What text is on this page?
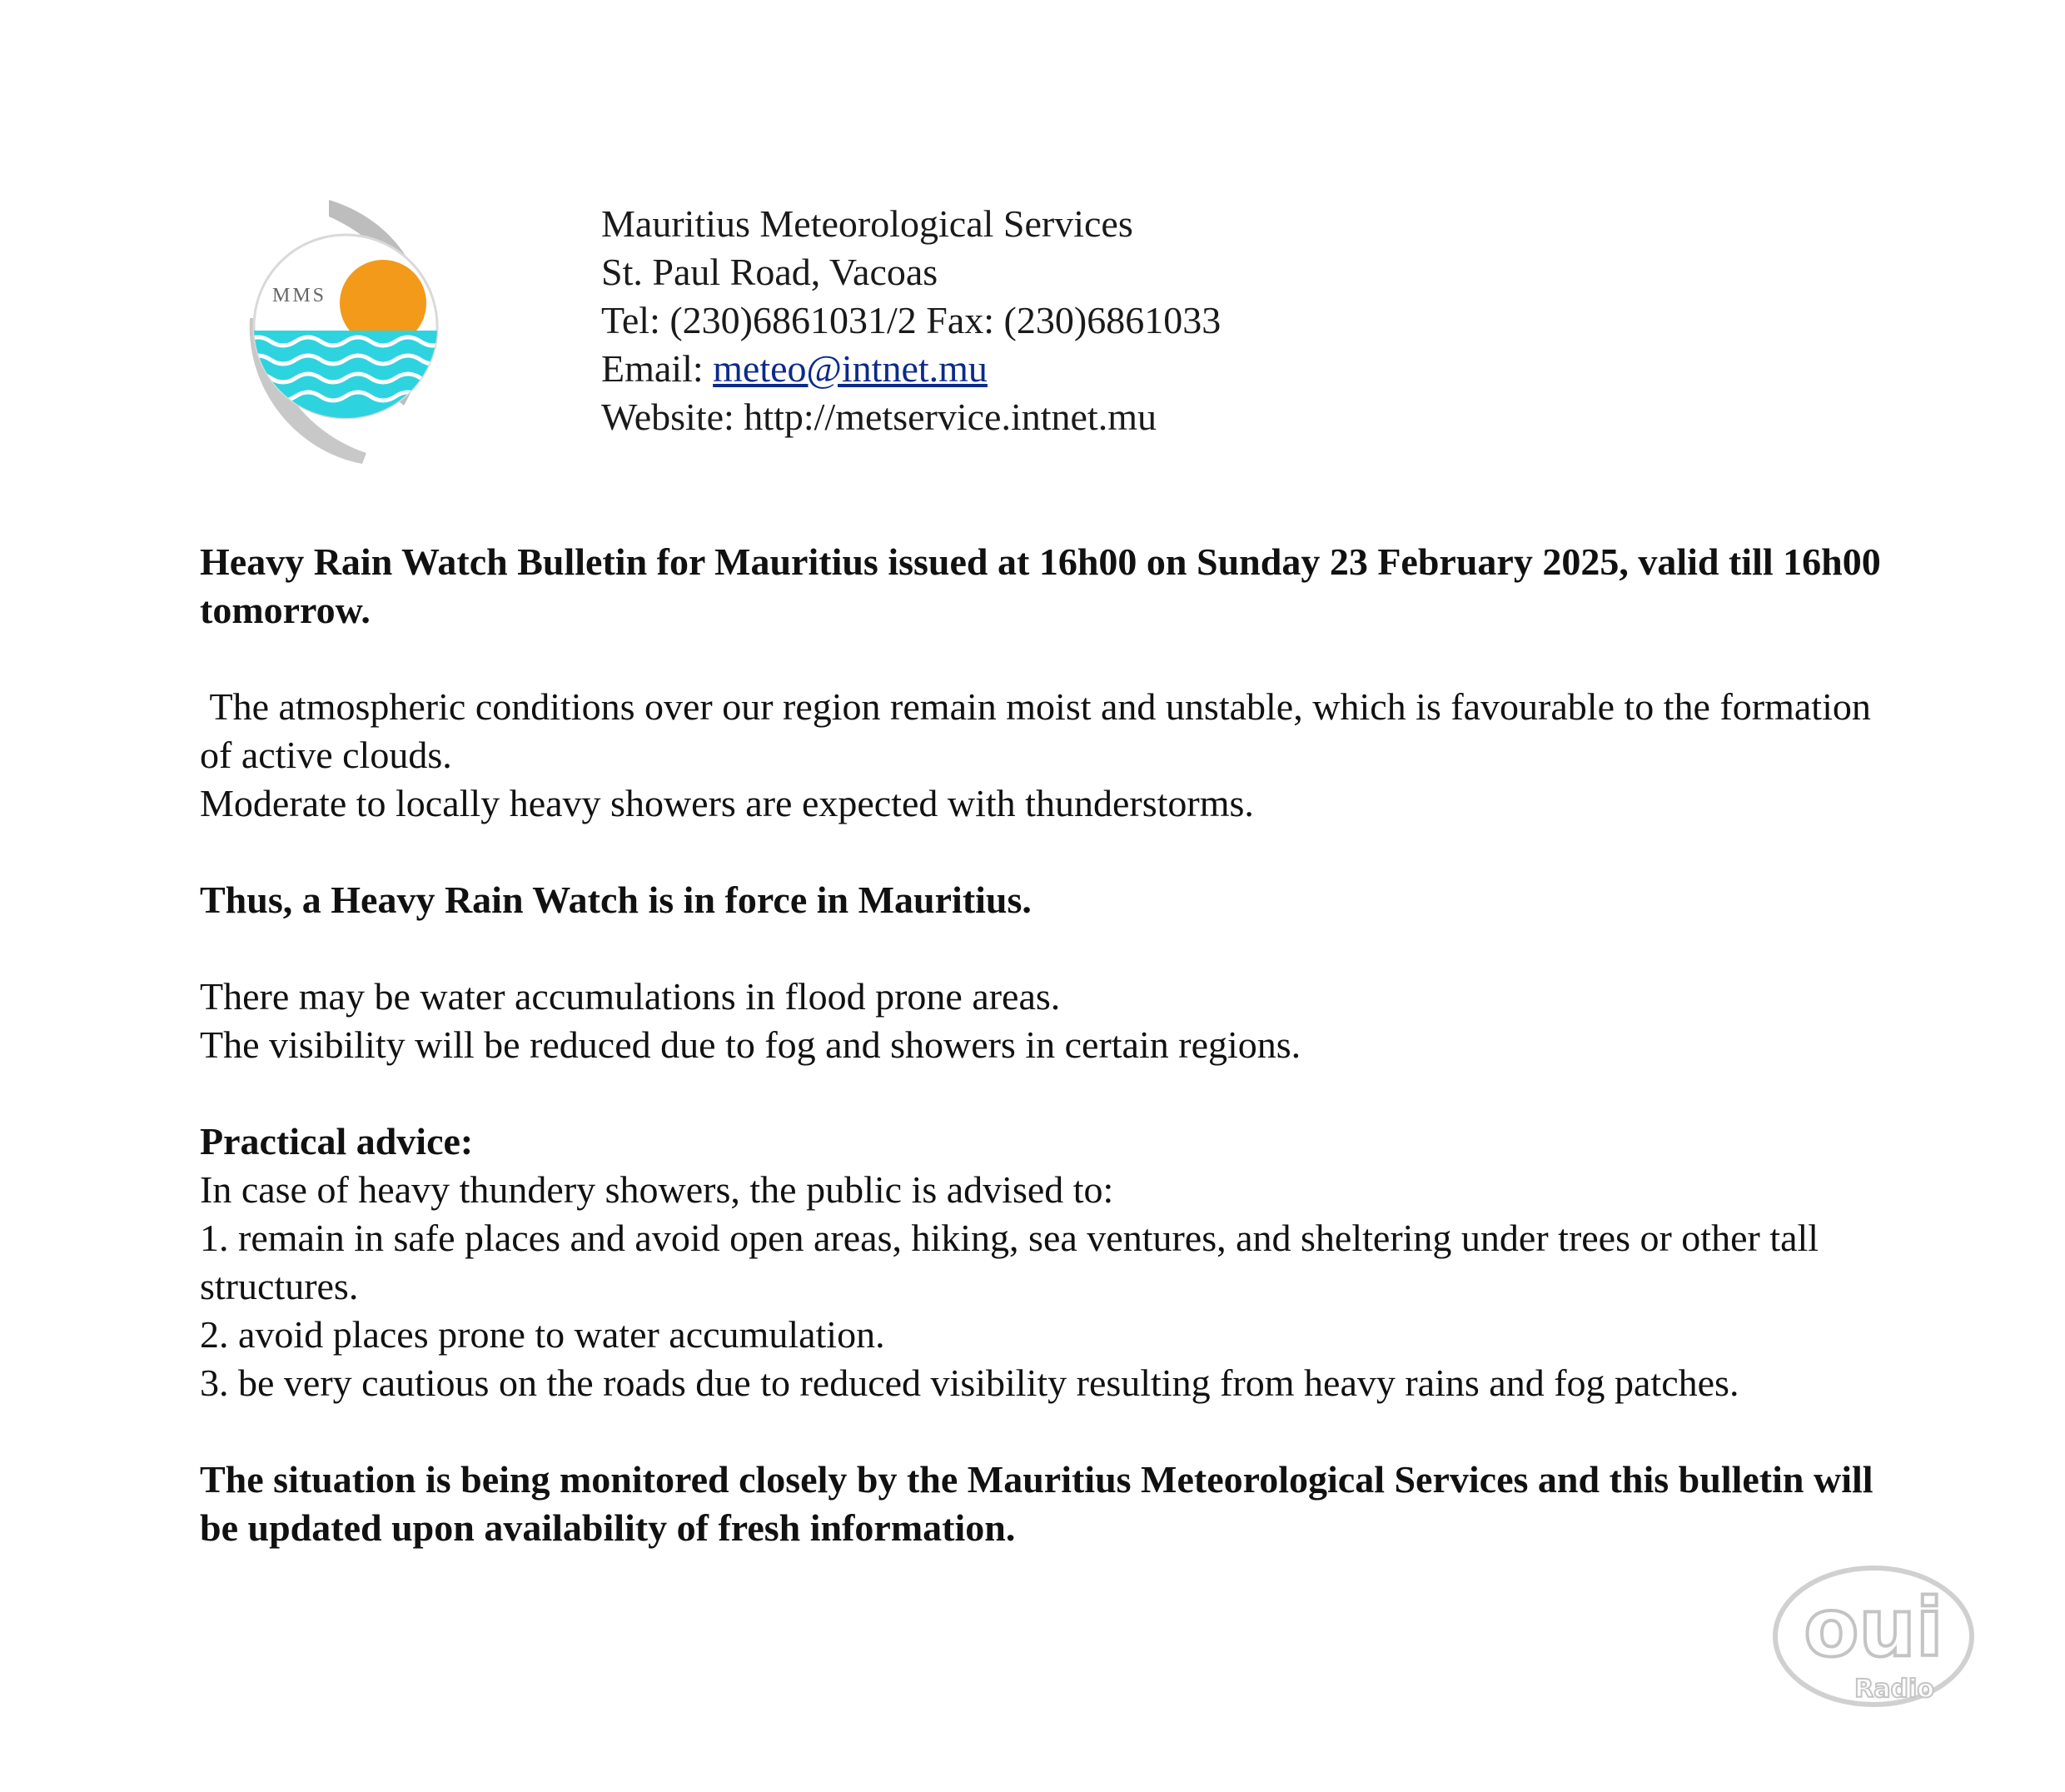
MMS
Mauritius Meteorological Services
St. Paul Road, Vacoas
Tel: (230)6861031/2 Fax: (230)6861033
Email: meteo@intnet.mu
Website: http://metservice.intnet.mu

Heavy Rain Watch Bulletin for Mauritius issued at 16h00 on Sunday 23 February 2025, valid till 16h00 tomorrow.

The atmospheric conditions over our region remain moist and unstable, which is favourable to the formation of active clouds.

Moderate to locally heavy showers are expected with thunderstorms.

Thus, a Heavy Rain Watch is in force in Mauritius.

There may be water accumulations in flood prone areas.

The visibility will be reduced due to fog and showers in certain regions.

Practical advice:

In case of heavy thundery showers, the public is advised to:

1. remain in safe places and avoid open areas, hiking, sea ventures, and sheltering under trees or other tall structures.

2. avoid places prone to water accumulation.

3. be very cautious on the roads due to reduced visibility resulting from heavy rains and fog patches.

The situation is being monitored closely by the Mauritius Meteorological Services and this bulletin will be updated upon availability of fresh information.

oui
Radio
